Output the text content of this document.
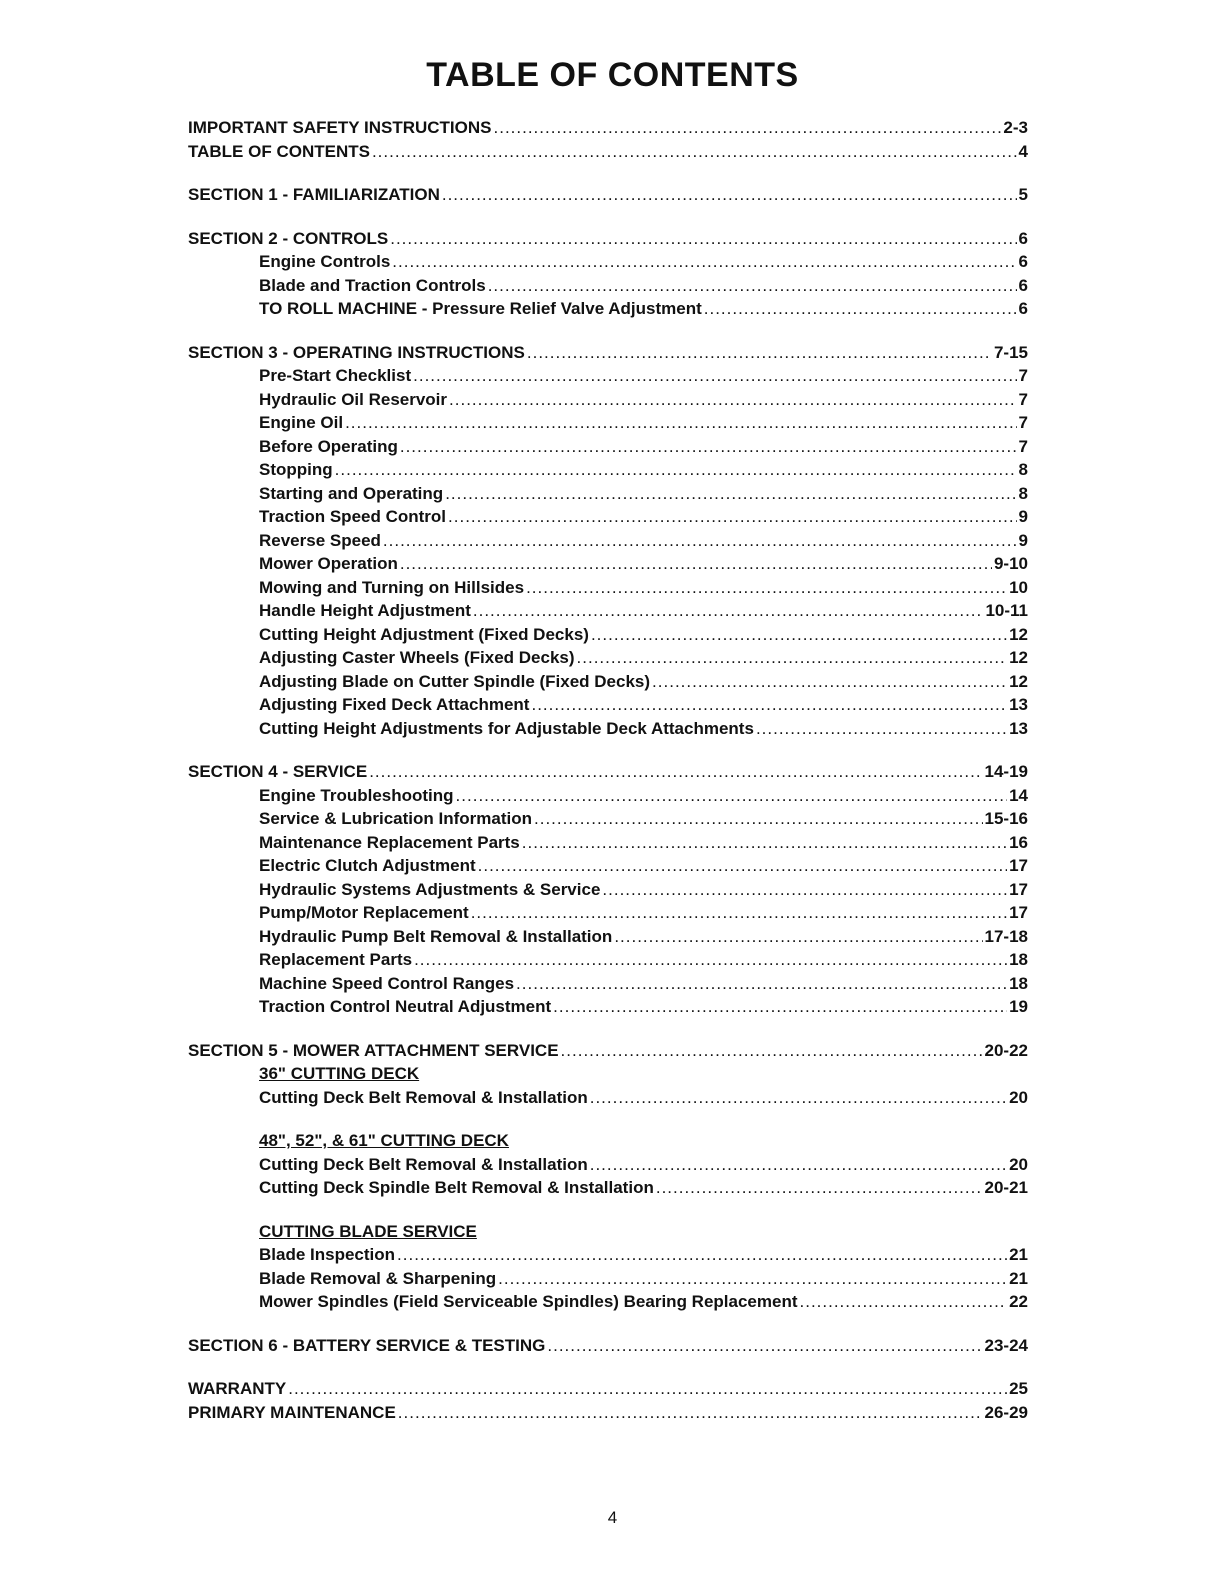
TABLE OF CONTENTS
IMPORTANT SAFETY INSTRUCTIONS .....	2-3
TABLE OF CONTENTS .....	4
SECTION 1 - FAMILIARIZATION .....	5
SECTION 2 - CONTROLS .....	6
Engine Controls .....	6
Blade and Traction Controls .....	6
TO ROLL MACHINE - Pressure Relief Valve Adjustment .....	6
SECTION 3 - OPERATING INSTRUCTIONS .....	7-15
Pre-Start Checklist .....	7
Hydraulic Oil Reservoir .....	7
Engine Oil .....	7
Before Operating .....	7
Stopping .....	8
Starting and Operating .....	8
Traction Speed Control .....	9
Reverse Speed .....	9
Mower Operation .....	9-10
Mowing and Turning on Hillsides .....	10
Handle Height Adjustment .....	10-11
Cutting Height Adjustment (Fixed Decks) .....	12
Adjusting Caster Wheels (Fixed Decks) .....	12
Adjusting Blade on Cutter Spindle (Fixed Decks) .....	12
Adjusting Fixed Deck Attachment .....	13
Cutting Height Adjustments for Adjustable Deck Attachments .....	13
SECTION 4 - SERVICE .....	14-19
Engine Troubleshooting .....	14
Service & Lubrication Information .....	15-16
Maintenance Replacement Parts .....	16
Electric Clutch Adjustment .....	17
Hydraulic Systems Adjustments & Service .....	17
Pump/Motor Replacement .....	17
Hydraulic Pump Belt Removal & Installation .....	17-18
Replacement Parts .....	18
Machine Speed Control Ranges .....	18
Traction Control Neutral Adjustment .....	19
SECTION 5 - MOWER ATTACHMENT SERVICE .....	20-22
36" CUTTING DECK
Cutting Deck Belt Removal & Installation .....	20
48", 52", & 61" CUTTING DECK
Cutting Deck Belt Removal & Installation .....	20
Cutting Deck Spindle Belt Removal & Installation .....	20-21
CUTTING BLADE SERVICE
Blade Inspection .....	21
Blade Removal & Sharpening .....	21
Mower Spindles (Field Serviceable Spindles) Bearing Replacement .....	22
SECTION 6 - BATTERY SERVICE & TESTING .....	23-24
WARRANTY .....	25
PRIMARY MAINTENANCE .....	26-29
4
